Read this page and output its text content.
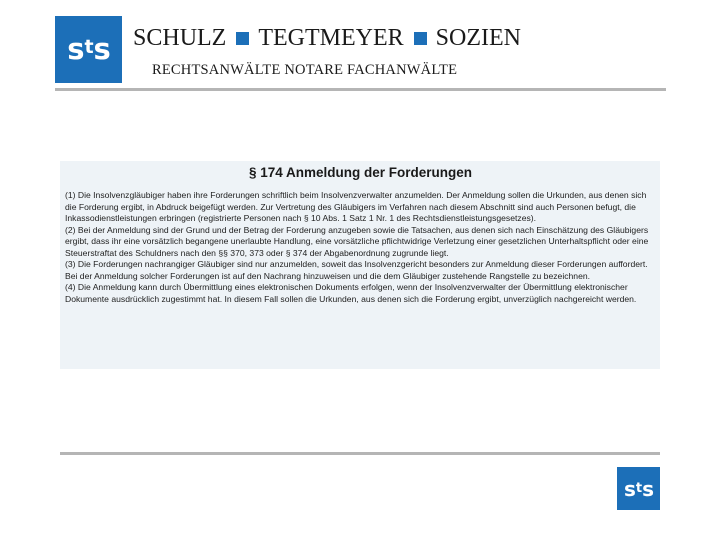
$s^ts$ SCHULZ TEGTMEYER SOZIEN
RECHTSANWÄLTE NOTARE FACHANWÄLTE
§ 174 Anmeldung der Forderungen

(1) Die Insolvenzgläubiger haben ihre Forderungen schriftlich beim Insolvenzverwalter anzumelden. Der Anmeldung sollen die Urkunden, aus denen sich die Forderung ergibt, in Abdruck beigefügt werden. Zur Vertretung des Gläubigers im Verfahren nach diesem Abschnitt sind auch Personen befugt, die Inkassodienstleistungen erbringen (registrierte Personen nach § 10 Abs. 1 Satz 1 Nr. 1 des Rechtsdienstleistungsgesetzes).

(2) Bei der Anmeldung sind der Grund und der Betrag der Forderung anzugeben sowie die Tatsachen, aus denen sich nach Einschätzung des Gläubigers ergibt, dass ihr eine vorsätzlich begangene unerlaubte Handlung, eine vorsätzliche pflichtwidrige Verletzung einer gesetzlichen Unterhaltspflicht oder eine Steuerstraftat des Schuldners nach den §§ 370, 373 oder § 374 der Abgabenordnung zugrunde liegt.

(3) Die Forderungen nachrangiger Gläubiger sind nur anzumelden, soweit das Insolvenzgericht besonders zur Anmeldung dieser Forderungen auffordert. Bei der Anmeldung solcher Forderungen ist auf den Nachrang hinzuweisen und die dem Gläubiger zustehende Rangstelle zu bezeichnen.

(4) Die Anmeldung kann durch Übermittlung eines elektronischen Dokuments erfolgen, wenn der Insolvenzverwalter der Übermittlung elektronischer Dokumente ausdrücklich zugestimmt hat. In diesem Fall sollen die Urkunden, aus denen sich die Forderung ergibt, unverzüglich nachgereicht werden.

$s^ts$
